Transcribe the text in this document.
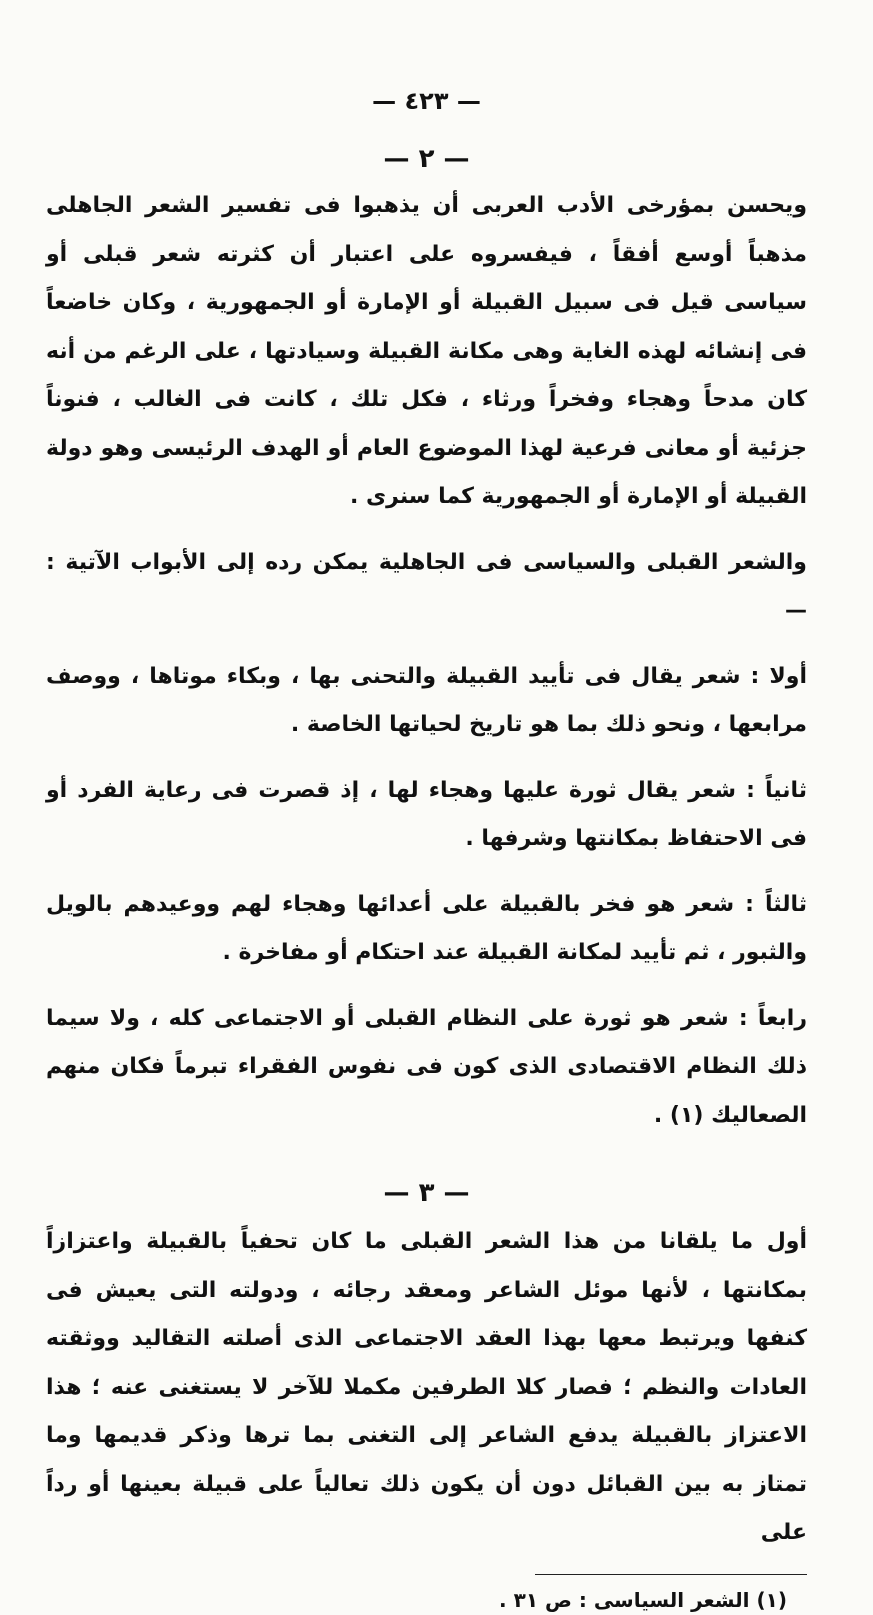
— ٤٢٣ —
— ٢ —

ويحسن بمؤرخى الأدب العربى أن يذهبوا فى تفسير الشعر الجاهلى مذهباً أوسع أفقاً ، فيفسروه على اعتبار أن كثرته شعر قبلى أو سياسى قيل فى سبيل القبيلة أو الإمارة أو الجمهورية ، وكان خاضعاً فى إنشائه لهذه الغاية وهى مكانة القبيلة وسيادتها ، على الرغم من أنه كان مدحاً وهجاء وفخراً ورثاء ، فكل تلك ، كانت فى الغالب ، فنوناً جزئية أو معانى فرعية لهذا الموضوع العام أو الهدف الرئيسى وهو دولة القبيلة أو الإمارة أو الجمهورية كما سنرى .

والشعر القبلى والسياسى فى الجاهلية يمكن رده إلى الأبواب الآتية : —

أولا : شعر يقال فى تأييد القبيلة والتحنى بها ، وبكاء موتاها ، ووصف مرابعها ، ونحو ذلك بما هو تاريخ لحياتها الخاصة .

ثانياً : شعر يقال ثورة عليها وهجاء لها ، إذ قصرت فى رعاية الفرد أو فى الاحتفاظ بمكانتها وشرفها .

ثالثاً : شعر هو فخر بالقبيلة على أعدائها وهجاء لهم ووعيدهم بالويل والثبور ، ثم تأييد لمكانة القبيلة عند احتكام أو مفاخرة .

رابعاً : شعر هو ثورة على النظام القبلى أو الاجتماعى كله ، ولا سيما ذلك النظام الاقتصادى الذى كون فى نفوس الفقراء تبرماً فكان منهم الصعاليك (١) .

— ٣ —

أول ما يلقانا من هذا الشعر القبلى ما كان تحفياً بالقبيلة واعتزازاً بمكانتها ، لأنها موئل الشاعر ومعقد رجائه ، ودولته التى يعيش فى كنفها ويرتبط معها بهذا العقد الاجتماعى الذى أصلته التقاليد ووثقته العادات والنظم ؛ فصار كلا الطرفين مكملا للآخر لا يستغنى عنه ؛ هذا الاعتزاز بالقبيلة يدفع الشاعر إلى التغنى بما ترها وذكر قديمها وما تمتاز به بين القبائل دون أن يكون ذلك تعالياً على قبيلة بعينها أو رداً على

(١) الشعر السياسى : ص ٣١ .
